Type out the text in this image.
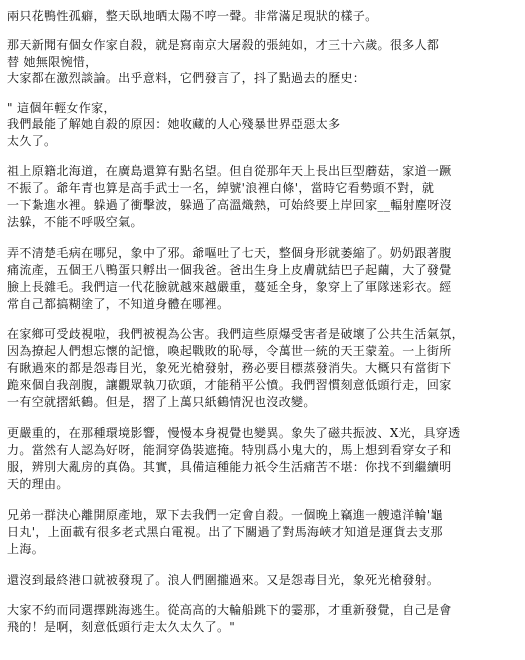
兩只花鴨性孤癖，整天臥地晒太陽不哼一聲。非常滿足現狀的樣子。
那天新聞有個女作家自殺，就是寫南京大屠殺的張純如，才三十六歲。很多人都
替 她無限惋惜，
大家都在激烈談論。出乎意料，它們發言了，抖了點過去的歷史：
" 這個年輕女作家，
我們最能了解她自殺的原因：她收藏的人心殘暴世界亞惡太多
太久了。
祖上原籍北海道，在廣島還算有點名望。但自從那年天上長出巨型蘑菇，家道一蹶
不振了。爺年青也算是高手武士一名，綽號'浪裡白條'，當時它看勢頭不對，就
一下紮進水裡。躲過了衝擊波，躲過了高溫熾熱，可始終要上岸回家__輻射塵呀沒
法躲，不能不呼吸空氣。
弄不清楚毛病在哪兒，象中了邪。爺嘔吐了七天，整個身形就萎縮了。奶奶跟著腹
痛流產，五個王八鴨蛋只孵出一個我爸。爸出生身上皮膚就結巴子起繭，大了發覺
臉上長雜毛。我們這一代花臉就越來越嚴重，蔓延全身，象穿上了軍隊迷彩衣。經
常自己都搞糊塗了，不知道身體在哪裡。
在家鄉可受歧視啦，我們被視為公害。我們這些原爆受害者是破壞了公共生活氣氛，
因為撩起人們想忘懷的記憶，喚起戰敗的恥辱，令萬世一統的天王蒙羞。一上街所
有瞅過來的都是怨毒目光，象死光槍發射，務必要目標蒸發消失。大概只有當街下
跪來個自我剖腹，讓觀眾執刀砍頭，才能稍平公憤。我們習慣刻意低頭行走，回家
一有空就摺紙鶴。但是，摺了上萬只紙鶴情況也沒改變。
更嚴重的，在那種環境影響，慢慢本身視覺也變異。象失了磁共振波、X光，具穿透
力。當然有人認為好呀，能洞穿偽裝遮掩。特別爲小鬼大的，馬上想到看穿女子和
服，辨別大亂房的真偽。其實，具備這種能力祇令生活痛苦不堪：你找不到繼續明
天的理由。
兄弟一群決心離開原產地，眾下去我們一定會自殺。一個晚上竊進一艘遠洋輪'龜
日丸'，上面載有很多老式黑白電視。出了下關過了對馬海峽才知道是運貨去支那
上海。
還沒到最終港口就被發現了。浪人們圍攏過來。又是怨毒目光，象死光槍發射。
大家不約而同選擇跳海逃生。從高高的大輪船跳下的霎那，才重新發覺，自己是會
飛的！是啊，刻意低頭行走太久太久了。"
